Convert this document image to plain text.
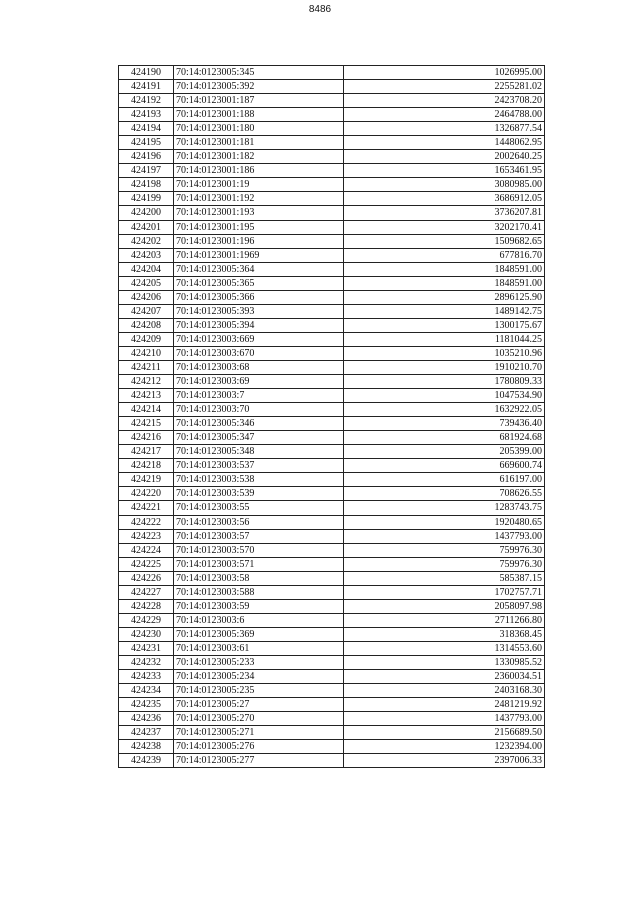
8486
424190	70:14:0123005:345	1026995.00
424191	70:14:0123005:392	2255281.02
424192	70:14:0123001:187	2423708.20
424193	70:14:0123001:188	2464788.00
424194	70:14:0123001:180	1326877.54
424195	70:14:0123001:181	1448062.95
424196	70:14:0123001:182	2002640.25
424197	70:14:0123001:186	1653461.95
424198	70:14:0123001:19	3080985.00
424199	70:14:0123001:192	3686912.05
424200	70:14:0123001:193	3736207.81
424201	70:14:0123001:195	3202170.41
424202	70:14:0123001:196	1509682.65
424203	70:14:0123001:1969	677816.70
424204	70:14:0123005:364	1848591.00
424205	70:14:0123005:365	1848591.00
424206	70:14:0123005:366	2896125.90
424207	70:14:0123005:393	1489142.75
424208	70:14:0123005:394	1300175.67
424209	70:14:0123003:669	1181044.25
424210	70:14:0123003:670	1035210.96
424211	70:14:0123003:68	1910210.70
424212	70:14:0123003:69	1780809.33
424213	70:14:0123003:7	1047534.90
424214	70:14:0123003:70	1632922.05
424215	70:14:0123005:346	739436.40
424216	70:14:0123005:347	681924.68
424217	70:14:0123005:348	205399.00
424218	70:14:0123003:537	669600.74
424219	70:14:0123003:538	616197.00
424220	70:14:0123003:539	708626.55
424221	70:14:0123003:55	1283743.75
424222	70:14:0123003:56	1920480.65
424223	70:14:0123003:57	1437793.00
424224	70:14:0123003:570	759976.30
424225	70:14:0123003:571	759976.30
424226	70:14:0123003:58	585387.15
424227	70:14:0123003:588	1702757.71
424228	70:14:0123003:59	2058097.98
424229	70:14:0123003:6	2711266.80
424230	70:14:0123005:369	318368.45
424231	70:14:0123003:61	1314553.60
424232	70:14:0123005:233	1330985.52
424233	70:14:0123005:234	2360034.51
424234	70:14:0123005:235	2403168.30
424235	70:14:0123005:27	2481219.92
424236	70:14:0123005:270	1437793.00
424237	70:14:0123005:271	2156689.50
424238	70:14:0123005:276	1232394.00
424239	70:14:0123005:277	2397006.33
